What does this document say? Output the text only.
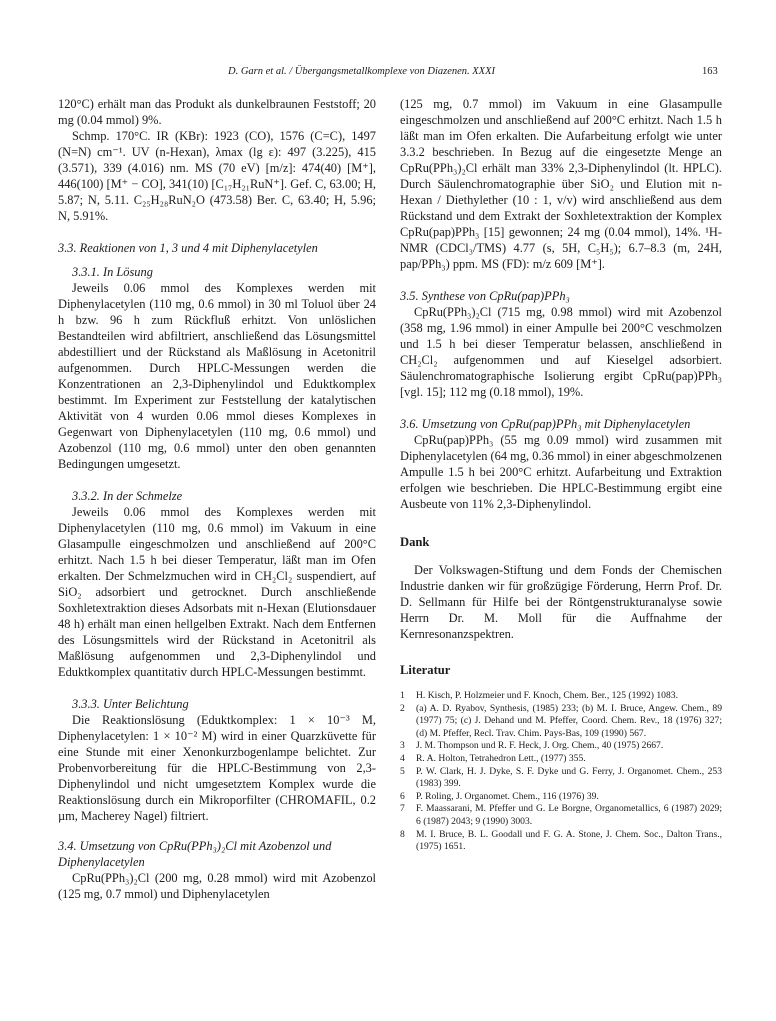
D. Garn et al. / Übergangsmetallkomplexe von Diazenen. XXXI	163

120°C) erhält man das Produkt als dunkelbraunen Feststoff; 20 mg (0.04 mmol) 9%.

Schmp. 170°C. IR (KBr): 1923 (CO), 1576 (C=C), 1497 (N=N) cm⁻¹. UV (n-Hexan), λmax (lg ε): 497 (3.225), 415 (3.571), 339 (4.016) nm. MS (70 eV) [m/z]: 474(40) [M⁺], 446(100) [M⁺ − CO], 341(10) [C₁₇H₂₁RuN⁺]. Gef. C, 63.00; H, 5.87; N, 5.11. C₂₅H₂₈RuN₂O (473.58) Ber. C, 63.40; H, 5.96; N, 5.91%.

3.3. Reaktionen von 1, 3 und 4 mit Diphenylacetylen
3.3.1. In Lösung

Jeweils 0.06 mmol des Komplexes werden mit Diphenylacetylen (110 mg, 0.6 mmol) in 30 ml Toluol über 24 h bzw. 96 h zum Rückfluß erhitzt. Von unlöslichen Bestandteilen wird abfiltriert, anschließend das Lösungsmittel abdestilliert und der Rückstand als Maßlösung in Acetonitril aufgenommen. Durch HPLC-Messungen werden die Konzentrationen an 2,3-Diphenylindol und Eduktkomplex bestimmt. Im Experiment zur Feststellung der katalytischen Aktivität von 4 wurden 0.06 mmol dieses Komplexes in Gegenwart von Diphenylacetylen (110 mg, 0.6 mmol) und Azobenzol (110 mg, 0.6 mmol) unter den oben genannten Bedingungen umgesetzt.

3.3.2. In der Schmelze

Jeweils 0.06 mmol des Komplexes werden mit Diphenylacetylen (110 mg, 0.6 mmol) im Vakuum in eine Glasampulle eingeschmolzen und anschließend auf 200°C erhitzt. Nach 1.5 h bei dieser Temperatur, läßt man im Ofen erkalten. Der Schmelzmuchen wird in CH₂Cl₂ suspendiert, auf SiO₂ adsorbiert und getrocknet. Durch anschließende Soxhletextraktion dieses Adsorbats mit n-Hexan (Elutionsdauer 48 h) erhält man einen hellgelben Extrakt. Nach dem Entfernen des Lösungsmittels wird der Rückstand in Acetonitril als Maßlösung aufgenommen und 2,3-Diphenylindol und Eduktkomplex quantitativ durch HPLC-Messungen bestimmt.

3.3.3. Unter Belichtung

Die Reaktionslösung (Eduktkomplex: 1 × 10⁻³ M, Diphenylacetylen: 1 × 10⁻² M) wird in einer Quarzküvette für eine Stunde mit einer Xenonkurzbogenlampe belichtet. Zur Probenvorbereitung für die HPLC-Bestimmung von 2,3-Diphenylindol und nicht umgesetztem Komplex wurde die Reaktionslösung durch ein Mikroporfilter (CHROMAFIL, 0.2 µm, Macherey Nagel) filtriert.

3.4. Umsetzung von CpRu(PPh₃)₂Cl mit Azobenzol und Diphenylacetylen

CpRu(PPh₃)₂Cl (200 mg, 0.28 mmol) wird mit Azobenzol (125 mg, 0.7 mmol) und Diphenylacetylen

(125 mg, 0.7 mmol) im Vakuum in eine Glasampulle eingeschmolzen und anschließend auf 200°C erhitzt. Nach 1.5 h läßt man im Ofen erkalten. Die Aufarbeitung erfolgt wie unter 3.3.2 beschrieben. In Bezug auf die eingesetzte Menge an CpRu(PPh₃)₂Cl erhält man 33% 2,3-Diphenylindol (lt. HPLC). Durch Säulenchromatographie über SiO₂ und Elution mit n-Hexan / Diethylether (10 : 1, v/v) wird anschließend aus dem Rückstand und dem Extrakt der Soxhletextraktion der Komplex CpRu(pap)PPh₃ [15] gewonnen; 24 mg (0.04 mmol), 14%. ¹H-NMR (CDCl₃/TMS) 4.77 (s, 5H, C₅H₅); 6.7–8.3 (m, 24H, pap/PPh₃) ppm. MS (FD): m/z 609 [M⁺].

3.5. Synthese von CpRu(pap)PPh₃

CpRu(PPh₃)₂Cl (715 mg, 0.98 mmol) wird mit Azobenzol (358 mg, 1.96 mmol) in einer Ampulle bei 200°C veschmolzen und 1.5 h bei dieser Temperatur belassen, anschließend in CH₂Cl₂ aufgenommen und auf Kieselgel adsorbiert. Säulenchromatographische Isolierung ergibt CpRu(pap)PPh₃ [vgl. 15]; 112 mg (0.18 mmol), 19%.

3.6. Umsetzung von CpRu(pap)PPh₃ mit Diphenylacetylen

CpRu(pap)PPh₃ (55 mg 0.09 mmol) wird zusammen mit Diphenylacetylen (64 mg, 0.36 mmol) in einer abgeschmolzenen Ampulle 1.5 h bei 200°C erhitzt. Aufarbeitung und Extraktion erfolgen wie beschrieben. Die HPLC-Bestimmung ergibt eine Ausbeute von 11% 2,3-Diphenylindol.

Dank

Der Volkswagen-Stiftung und dem Fonds der Chemischen Industrie danken wir für großzügige Förderung, Herrn Prof. Dr. D. Sellmann für Hilfe bei der Röntgenstrukturanalyse sowie Herrn Dr. M. Moll für die Auffnahme der Kernresonanzspektren.

Literatur
1 H. Kisch, P. Holzmeier und F. Knoch, Chem. Ber., 125 (1992) 1083.
2 (a) A. D. Ryabov, Synthesis, (1985) 233; (b) M. I. Bruce, Angew. Chem., 89 (1977) 75; (c) J. Dehand und M. Pfeffer, Coord. Chem. Rev., 18 (1976) 327; (d) M. Pfeffer, Recl. Trav. Chim. Pays-Bas, 109 (1990) 567.
3 J. M. Thompson und R. F. Heck, J. Org. Chem., 40 (1975) 2667.
4 R. A. Holton, Tetrahedron Lett., (1977) 355.
5 P. W. Clark, H. J. Dyke, S. F. Dyke und G. Ferry, J. Organomet. Chem., 253 (1983) 399.
6 P. Roling, J. Organomet. Chem., 116 (1976) 39.
7 F. Maassarani, M. Pfeffer und G. Le Borgne, Organometallics, 6 (1987) 2029; 6 (1987) 2043; 9 (1990) 3003.
8 M. I. Bruce, B. L. Goodall und F. G. A. Stone, J. Chem. Soc., Dalton Trans., (1975) 1651.
